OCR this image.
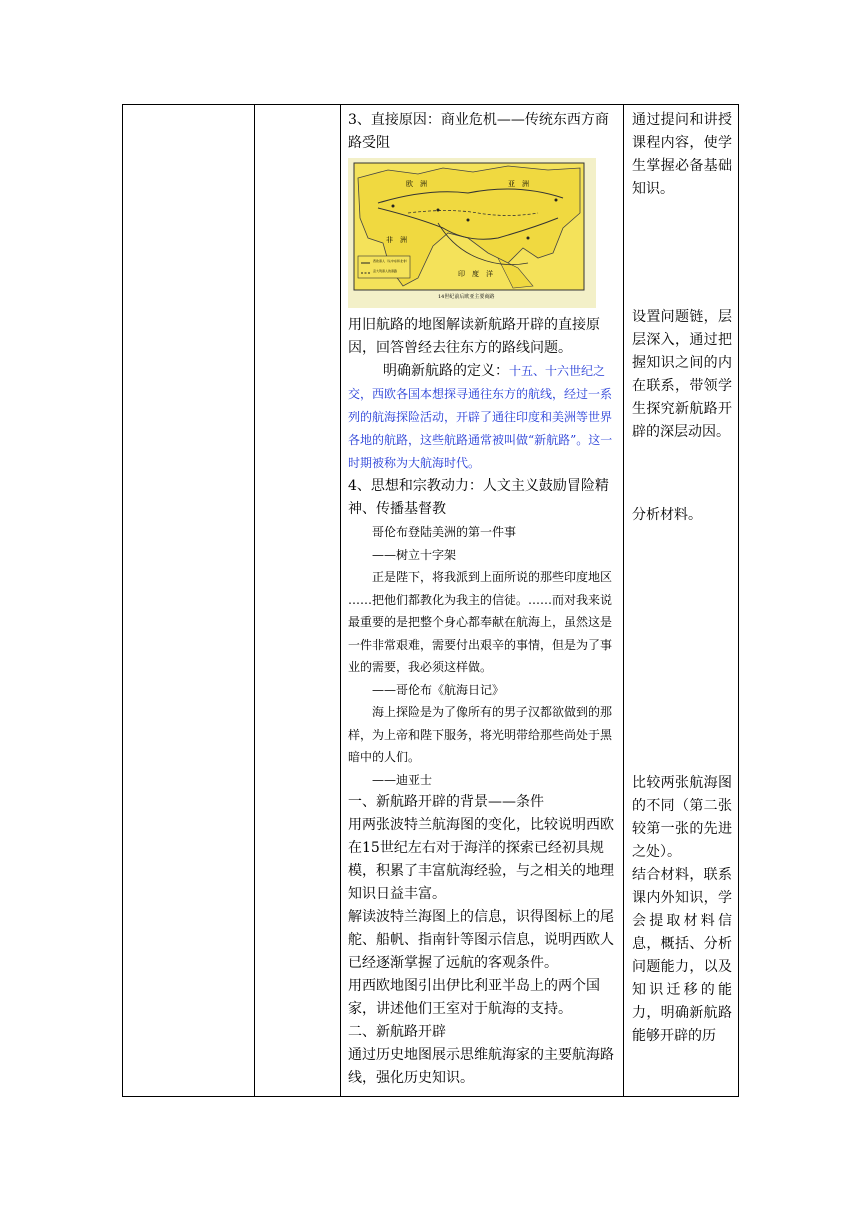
3、直接原因：商业危机——传统东西方商路受阻

欧　洲	亚　洲
非　洲
印　度　洋
西欧商人（从中东和北非）
意大利商人的商路
14世纪前后欧亚主要商路

用旧航路的地图解读新航路开辟的直接原因，回答曾经去往东方的路线问题。

明确新航路的定义：十五、十六世纪之交，西欧各国本想探寻通往东方的航线，经过一系列的航海探险活动，开辟了通往印度和美洲等世界各地的航路，这些航路通常被叫做“新航路”。这一时期被称为大航海时代。

4、思想和宗教动力：人文主义鼓励冒险精神、传播基督教

哥伦布登陆美洲的第一件事

——树立十字架

正是陛下，将我派到上面所说的那些印度地区 ……把他们都教化为我主的信徒。……而对我来说最重要的是把整个身心都奉献在航海上，虽然这是一件非常艰难，需要付出艰辛的事情，但是为了事业的需要，我必须这样做。

——哥伦布《航海日记》

海上探险是为了像所有的男子汉都欲做到的那样，为上帝和陛下服务，将光明带给那些尚处于黑暗中的人们。

——迪亚士

一、新航路开辟的背景——条件

用两张波特兰航海图的变化，比较说明西欧在15世纪左右对于海洋的探索已经初具规模，积累了丰富航海经验，与之相关的地理知识日益丰富。

解读波特兰海图上的信息，识得图标上的尾舵、船帆、指南针等图示信息，说明西欧人已经逐渐掌握了远航的客观条件。

用西欧地图引出伊比利亚半岛上的两个国家，讲述他们王室对于航海的支持。

二、新航路开辟

通过历史地图展示思维航海家的主要航海路线，强化历史知识。

通过提问和讲授课程内容，使学生掌握必备基础知识。

设置问题链，层层深入，通过把握知识之间的内在联系，带领学生探究新航路开辟的深层动因。

分析材料。

比较两张航海图的不同（第二张较第一张的先进之处）。

结合材料，联系课内外知识，学会提取材料信息，概括、分析问题能力，以及知识迁移的能力，明确新航路能够开辟的历
